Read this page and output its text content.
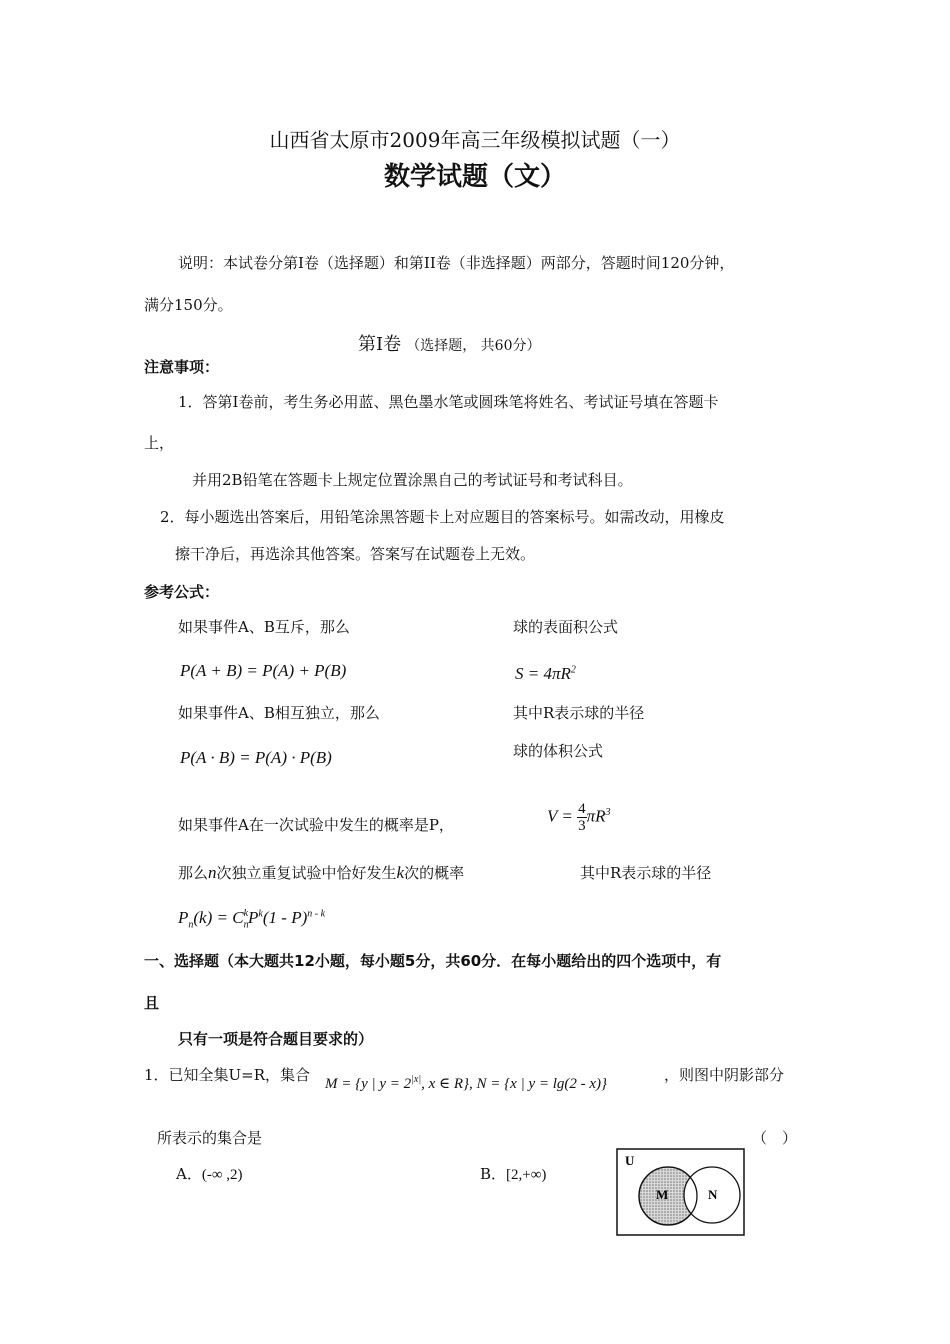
山西省太原市2009年高三年级模拟试题（一）
数学试题（文）
说明：本试卷分第Ⅰ卷（选择题）和第II卷（非选择题）两部分，答题时间120分钟，
满分150分。
第Ⅰ卷 （选择题， 共60分）
注意事项：
1．答第Ⅰ卷前，考生务必用蓝、黑色墨水笔或圆珠笔将姓名、考试证号填在答题卡
上，
并用2B铅笔在答题卡上规定位置涂黑自己的考试证号和考试科目。
2．每小题选出答案后，用铅笔涂黑答题卡上对应题目的答案标号。如需改动，用橡皮
擦干净后，再选涂其他答案。答案写在试题卷上无效。
参考公式：
如果事件A、B互斥，那么
P(A + B) = P(A) + P(B)
如果事件A、B相互独立，那么
P(A · B) = P(A) · P(B)
如果事件A在一次试验中发生的概率是P，
那么n次独立重复试验中恰好发生k次的概率
$P_n(k) = C_n^kP^k(1 - P)^{n - k}$
球的表面积公式
$S = 4\pi R^2$
其中R表示球的半径
球的体积公式
$V = \frac{4}{3} \pi R^3$
其中R表示球的半径
一、选择题（本大题共12小题，每小题5分，共60分．在每小题给出的四个选项中，有
且
只有一项是符合题目要求的）
1．已知全集U=R，集合 M = {y | $y = 2^{|x|}$, x ∈ R}, N = {x | y = lg(2 - x)}	，则图中阴影部分
所表示的集合是	（　）
A．(-∞ ,2)	B．[2,+∞)
U
M	N
